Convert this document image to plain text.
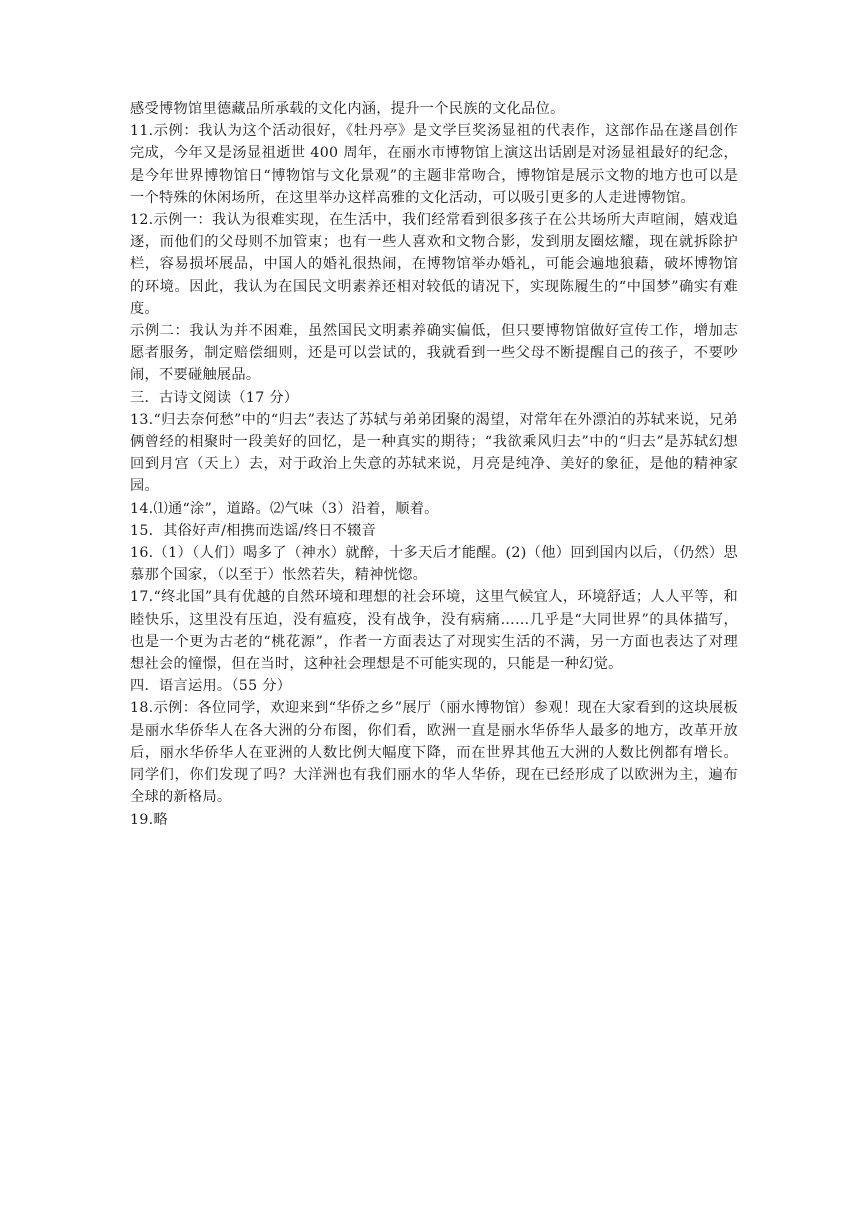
感受博物馆里德藏品所承载的文化内涵，提升一个民族的文化品位。

11.示例：我认为这个活动很好，《牡丹亭》是文学巨奖汤显祖的代表作，这部作品在遂昌创作完成，今年又是汤显祖逝世 400 周年，在丽水市博物馆上演这出话剧是对汤显祖最好的纪念，是今年世界博物馆日“博物馆与文化景观”的主题非常吻合，博物馆是展示文物的地方也可以是一个特殊的休闲场所，在这里举办这样高雅的文化活动，可以吸引更多的人走进博物馆。

12.示例一：我认为很难实现，在生活中，我们经常看到很多孩子在公共场所大声喧闹，嬉戏追逐，而他们的父母则不加管束；也有一些人喜欢和文物合影，发到朋友圈炫耀，现在就拆除护栏，容易损坏展品，中国人的婚礼很热闹，在博物馆举办婚礼，可能会遍地狼藉，破坏博物馆的环境。因此，我认为在国民文明素养还相对较低的请况下，实现陈履生的“中国梦”确实有难度。

示例二：我认为并不困难，虽然国民文明素养确实偏低，但只要博物馆做好宣传工作，增加志愿者服务，制定赔偿细则，还是可以尝试的，我就看到一些父母不断提醒自己的孩子，不要吵闹，不要碰触展品。

三．古诗文阅读（17 分）

13.“归去奈何愁”中的“归去”表达了苏轼与弟弟团聚的渴望，对常年在外漂泊的苏轼来说，兄弟俩曾经的相聚时一段美好的回忆，是一种真实的期待；“我欲乘风归去”中的“归去”是苏轼幻想回到月宫（天上）去，对于政治上失意的苏轼来说，月亮是纯净、美好的象征，是他的精神家园。

14.⑴通“涂”，道路。⑵气味（3）沿着，顺着。

15．其俗好声/相携而迭谣/终日不辍音

16.（1）（人们）喝多了（神水）就醉，十多天后才能醒。(2)（他）回到国内以后，（仍然）思慕那个国家，（以至于）怅然若失，精神恍惚。

17.“终北国”具有优越的自然环境和理想的社会环境，这里气候宜人，环境舒适；人人平等，和睦快乐，这里没有压迫，没有瘟疫，没有战争，没有病痛……几乎是“大同世界”的具体描写，也是一个更为古老的“桃花源”，作者一方面表达了对现实生活的不满，另一方面也表达了对理想社会的憧憬，但在当时，这种社会理想是不可能实现的，只能是一种幻觉。

四．语言运用。（55 分）

18.示例：各位同学，欢迎来到“华侨之乡”展厅（丽水博物馆）参观！现在大家看到的这块展板是丽水华侨华人在各大洲的分布图，你们看，欧洲一直是丽水华侨华人最多的地方，改革开放后，丽水华侨华人在亚洲的人数比例大幅度下降，而在世界其他五大洲的人数比例都有增长。同学们，你们发现了吗？大洋洲也有我们丽水的华人华侨，现在已经形成了以欧洲为主，遍布全球的新格局。

19.略
